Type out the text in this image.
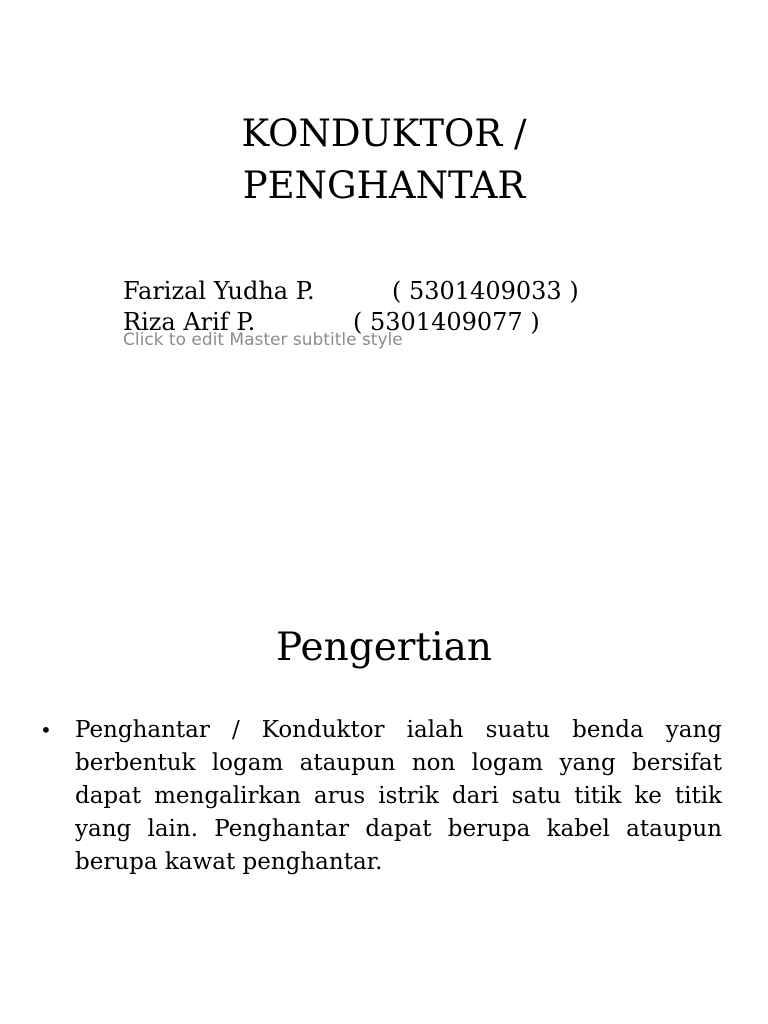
KONDUKTOR /
PENGHANTAR
Farizal Yudha P.	( 5301409033 )
Riza Arif P.	( 5301409077 )
Click to edit Master subtitle style
Pengertian
• Penghantar / Konduktor ialah suatu benda yang berbentuk logam ataupun non logam yang bersifat dapat mengalirkan arus istrik dari satu titik ke titik yang lain. Penghantar dapat berupa kabel ataupun berupa kawat penghantar.
